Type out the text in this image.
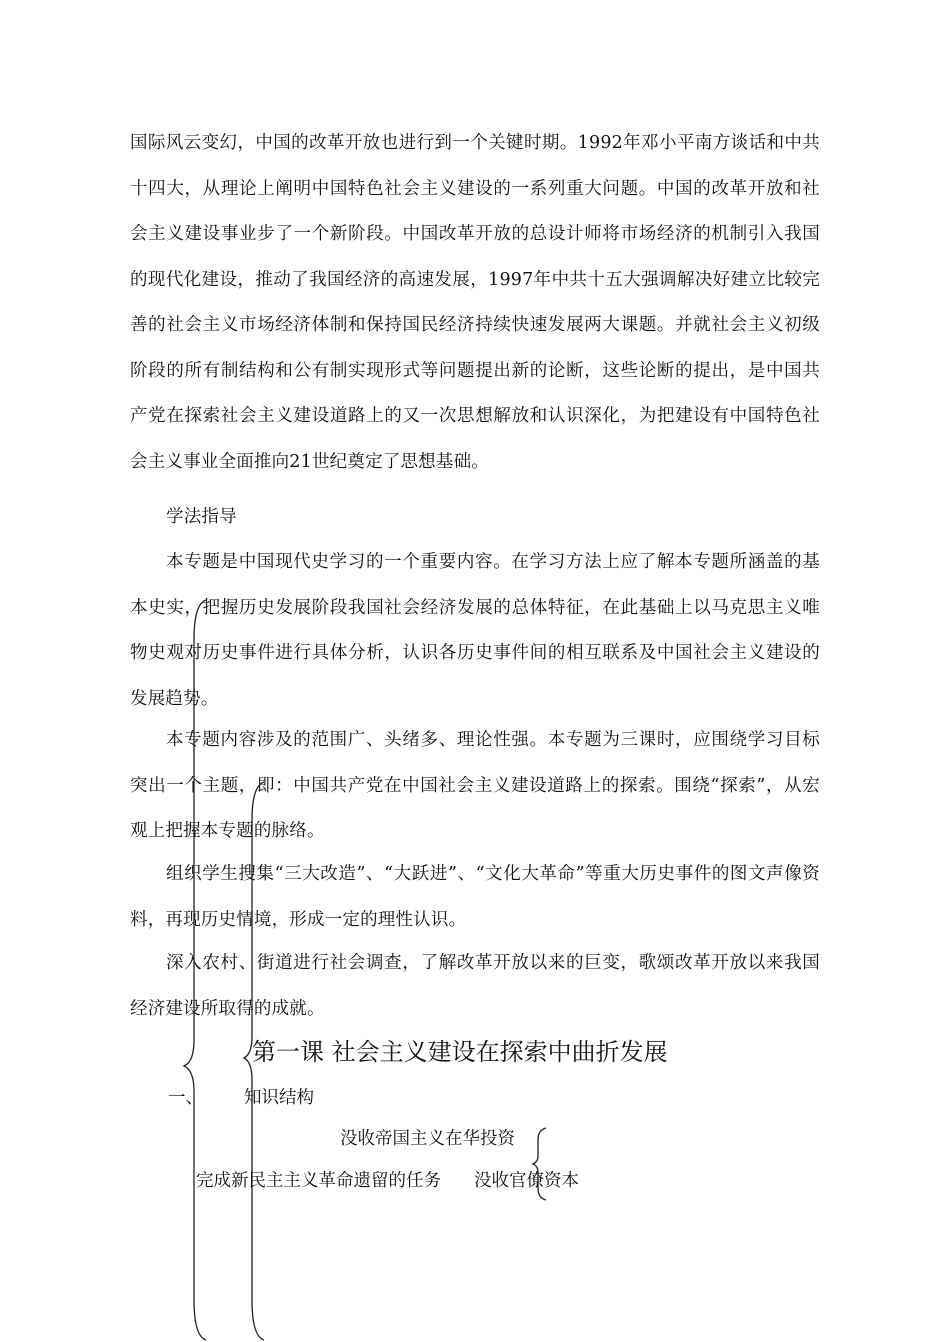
国际风云变幻，中国的改革开放也进行到一个关键时期。1992年邓小平南方谈话和中共十四大，从理论上阐明中国特色社会主义建设的一系列重大问题。中国的改革开放和社会主义建设事业步了一个新阶段。中国改革开放的总设计师将市场经济的机制引入我国的现代化建设，推动了我国经济的高速发展，1997年中共十五大强调解决好建立比较完善的社会主义市场经济体制和保持国民经济持续快速发展两大课题。并就社会主义初级阶段的所有制结构和公有制实现形式等问题提出新的论断，这些论断的提出，是中国共产党在探索社会主义建设道路上的又一次思想解放和认识深化，为把建设有中国特色社会主义事业全面推向21世纪奠定了思想基础。

学法指导

本专题是中国现代史学习的一个重要内容。在学习方法上应了解本专题所涵盖的基本史实，把握历史发展阶段我国社会经济发展的总体特征，在此基础上以马克思主义唯物史观对历史事件进行具体分析，认识各历史事件间的相互联系及中国社会主义建设的发展趋势。

本专题内容涉及的范围广、头绪多、理论性强。本专题为三课时，应围绕学习目标突出一个主题，即：中国共产党在中国社会主义建设道路上的探索。围绕“探索”，从宏观上把握本专题的脉络。

组织学生搜集“三大改造”、“大跃进”、“文化大革命”等重大历史事件的图文声像资料，再现历史情境，形成一定的理性认识。

深入农村、街道进行社会调查，了解改革开放以来的巨变，歌颂改革开放以来我国经济建设所取得的成就。

第一课 社会主义建设在探索中曲折发展
一、 知识结构
没收帝国主义在华投资
完成新民主主义革命遗留的任务 没收官僚资本
